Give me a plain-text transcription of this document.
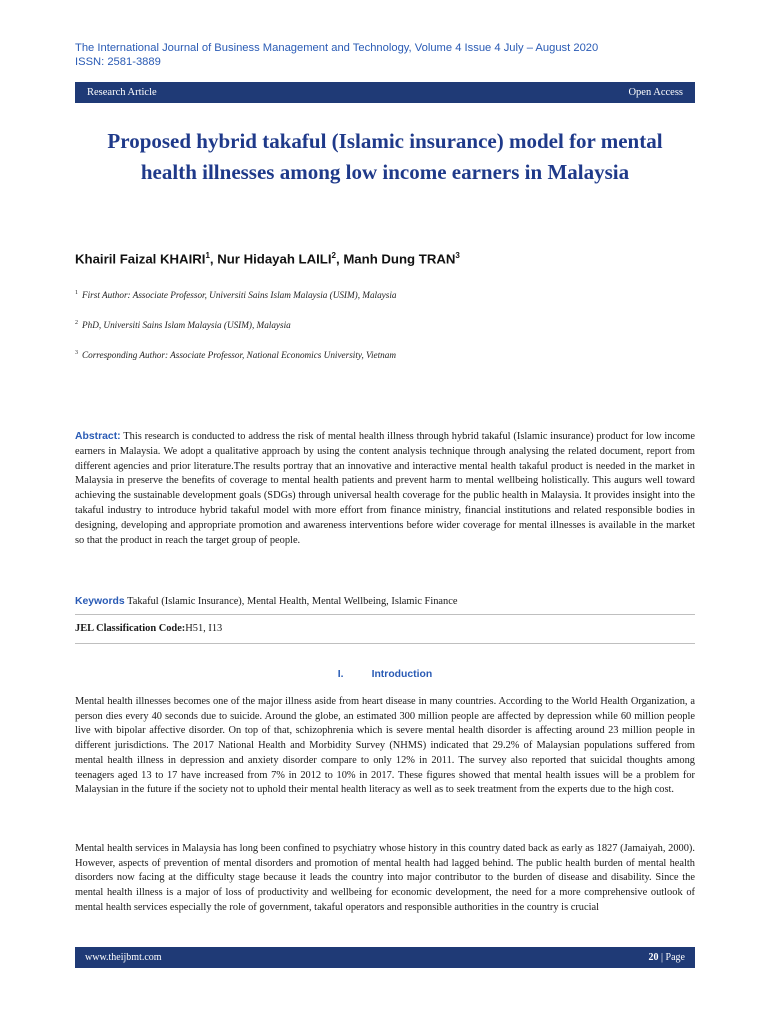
The International Journal of Business Management and Technology, Volume 4 Issue 4 July – August 2020
ISSN: 2581-3889
Research Article	Open Access
Proposed hybrid takaful (Islamic insurance) model for mental health illnesses among low income earners in Malaysia
Khairil Faizal KHAIRI$^1$, Nur Hidayah LAILI$^2$, Manh Dung TRAN$^3$
$^1$ First Author: Associate Professor, Universiti Sains Islam Malaysia (USIM), Malaysia
$^2$ PhD, Universiti Sains Islam Malaysia (USIM), Malaysia
$^3$ Corresponding Author: Associate Professor, National Economics University, Vietnam

Abstract: This research is conducted to address the risk of mental health illness through hybrid takaful (Islamic insurance) product for low income earners in Malaysia. We adopt a qualitative approach by using the content analysis technique through analysing the related document, report from different agencies and prior literature.The results portray that an innovative and interactive mental health takaful product is needed in the market in Malaysia in preserve the benefits of coverage to mental health patients and prevent harm to mental wellbeing holistically. This augurs well toward achieving the sustainable development goals (SDGs) through universal health coverage for the public health in Malaysia. It provides insight into the takaful industry to introduce hybrid takaful model with more effort from finance ministry, financial institutions and related responsible bodies in designing, developing and appropriate promotion and awareness interventions before wider coverage for mental illnesses is available in the market so that the product in reach the target group of people.

Keywords Takaful (Islamic Insurance), Mental Health, Mental Wellbeing, Islamic Finance
JEL Classification Code:H51, I13
I.	Introduction

Mental health illnesses becomes one of the major illness aside from heart disease in many countries. According to the World Health Organization, a person dies every 40 seconds due to suicide. Around the globe, an estimated 300 million people are affected by depression while 60 million people live with bipolar affective disorder. On top of that, schizophrenia which is severe mental health disorder is affecting around 23 million people in different jurisdictions. The 2017 National Health and Morbidity Survey (NHMS) indicated that 29.2% of Malaysian populations suffered from mental health illness in depression and anxiety disorder compare to only 12% in 2011. The survey also reported that suicidal thoughts among teenagers aged 13 to 17 have increased from 7% in 2012 to 10% in 2017. These figures showed that mental health issues will be a problem for Malaysian in the future if the society not to uphold their mental health literacy as well as to seek treatment from the experts due to the high cost.

Mental health services in Malaysia has long been confined to psychiatry whose history in this country dated back as early as 1827 (Jamaiyah, 2000). However, aspects of prevention of mental disorders and promotion of mental health had lagged behind. The public health burden of mental health disorders now facing at the difficulty stage because it leads the country into major contributor to the burden of disease and disability. Since the mental health illness is a major of loss of productivity and wellbeing for economic development, the need for a more comprehensive outlook of mental health services especially the role of government, takaful operators and responsible authorities in the country is crucial

www.theijbmt.com	20 | Page
